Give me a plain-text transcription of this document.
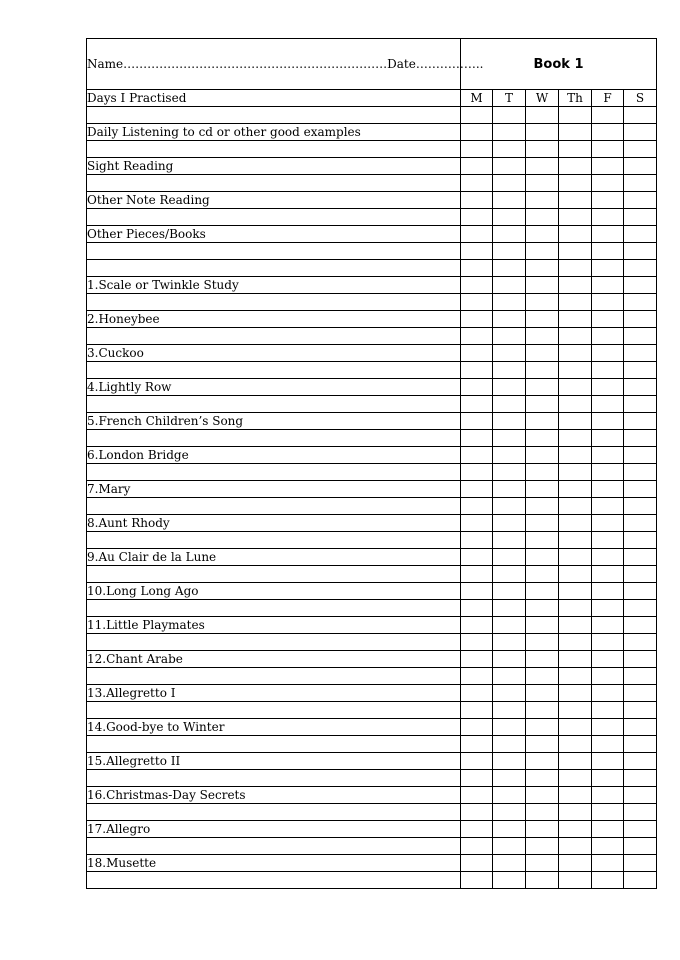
Name………………………………………………………… Date ……………..	Book 1					
Days I Practised	M	T	W	Th	F	S

Daily Listening to cd or other good examples						

Sight Reading						

Other Note Reading						

Other Pieces/Books						

1.Scale or Twinkle Study						

2.Honeybee						

3.Cuckoo						

4.Lightly Row						

5.French Children’s Song						

6.London Bridge						

7.Mary						

8.Aunt Rhody						

9.Au Clair de la Lune						

10.Long Long Ago						

11.Little Playmates						

12.Chant Arabe						

13.Allegretto I						

14.Good-bye to Winter						

15.Allegretto II						

16.Christmas-Day Secrets						

17.Allegro						

18.Musette						
